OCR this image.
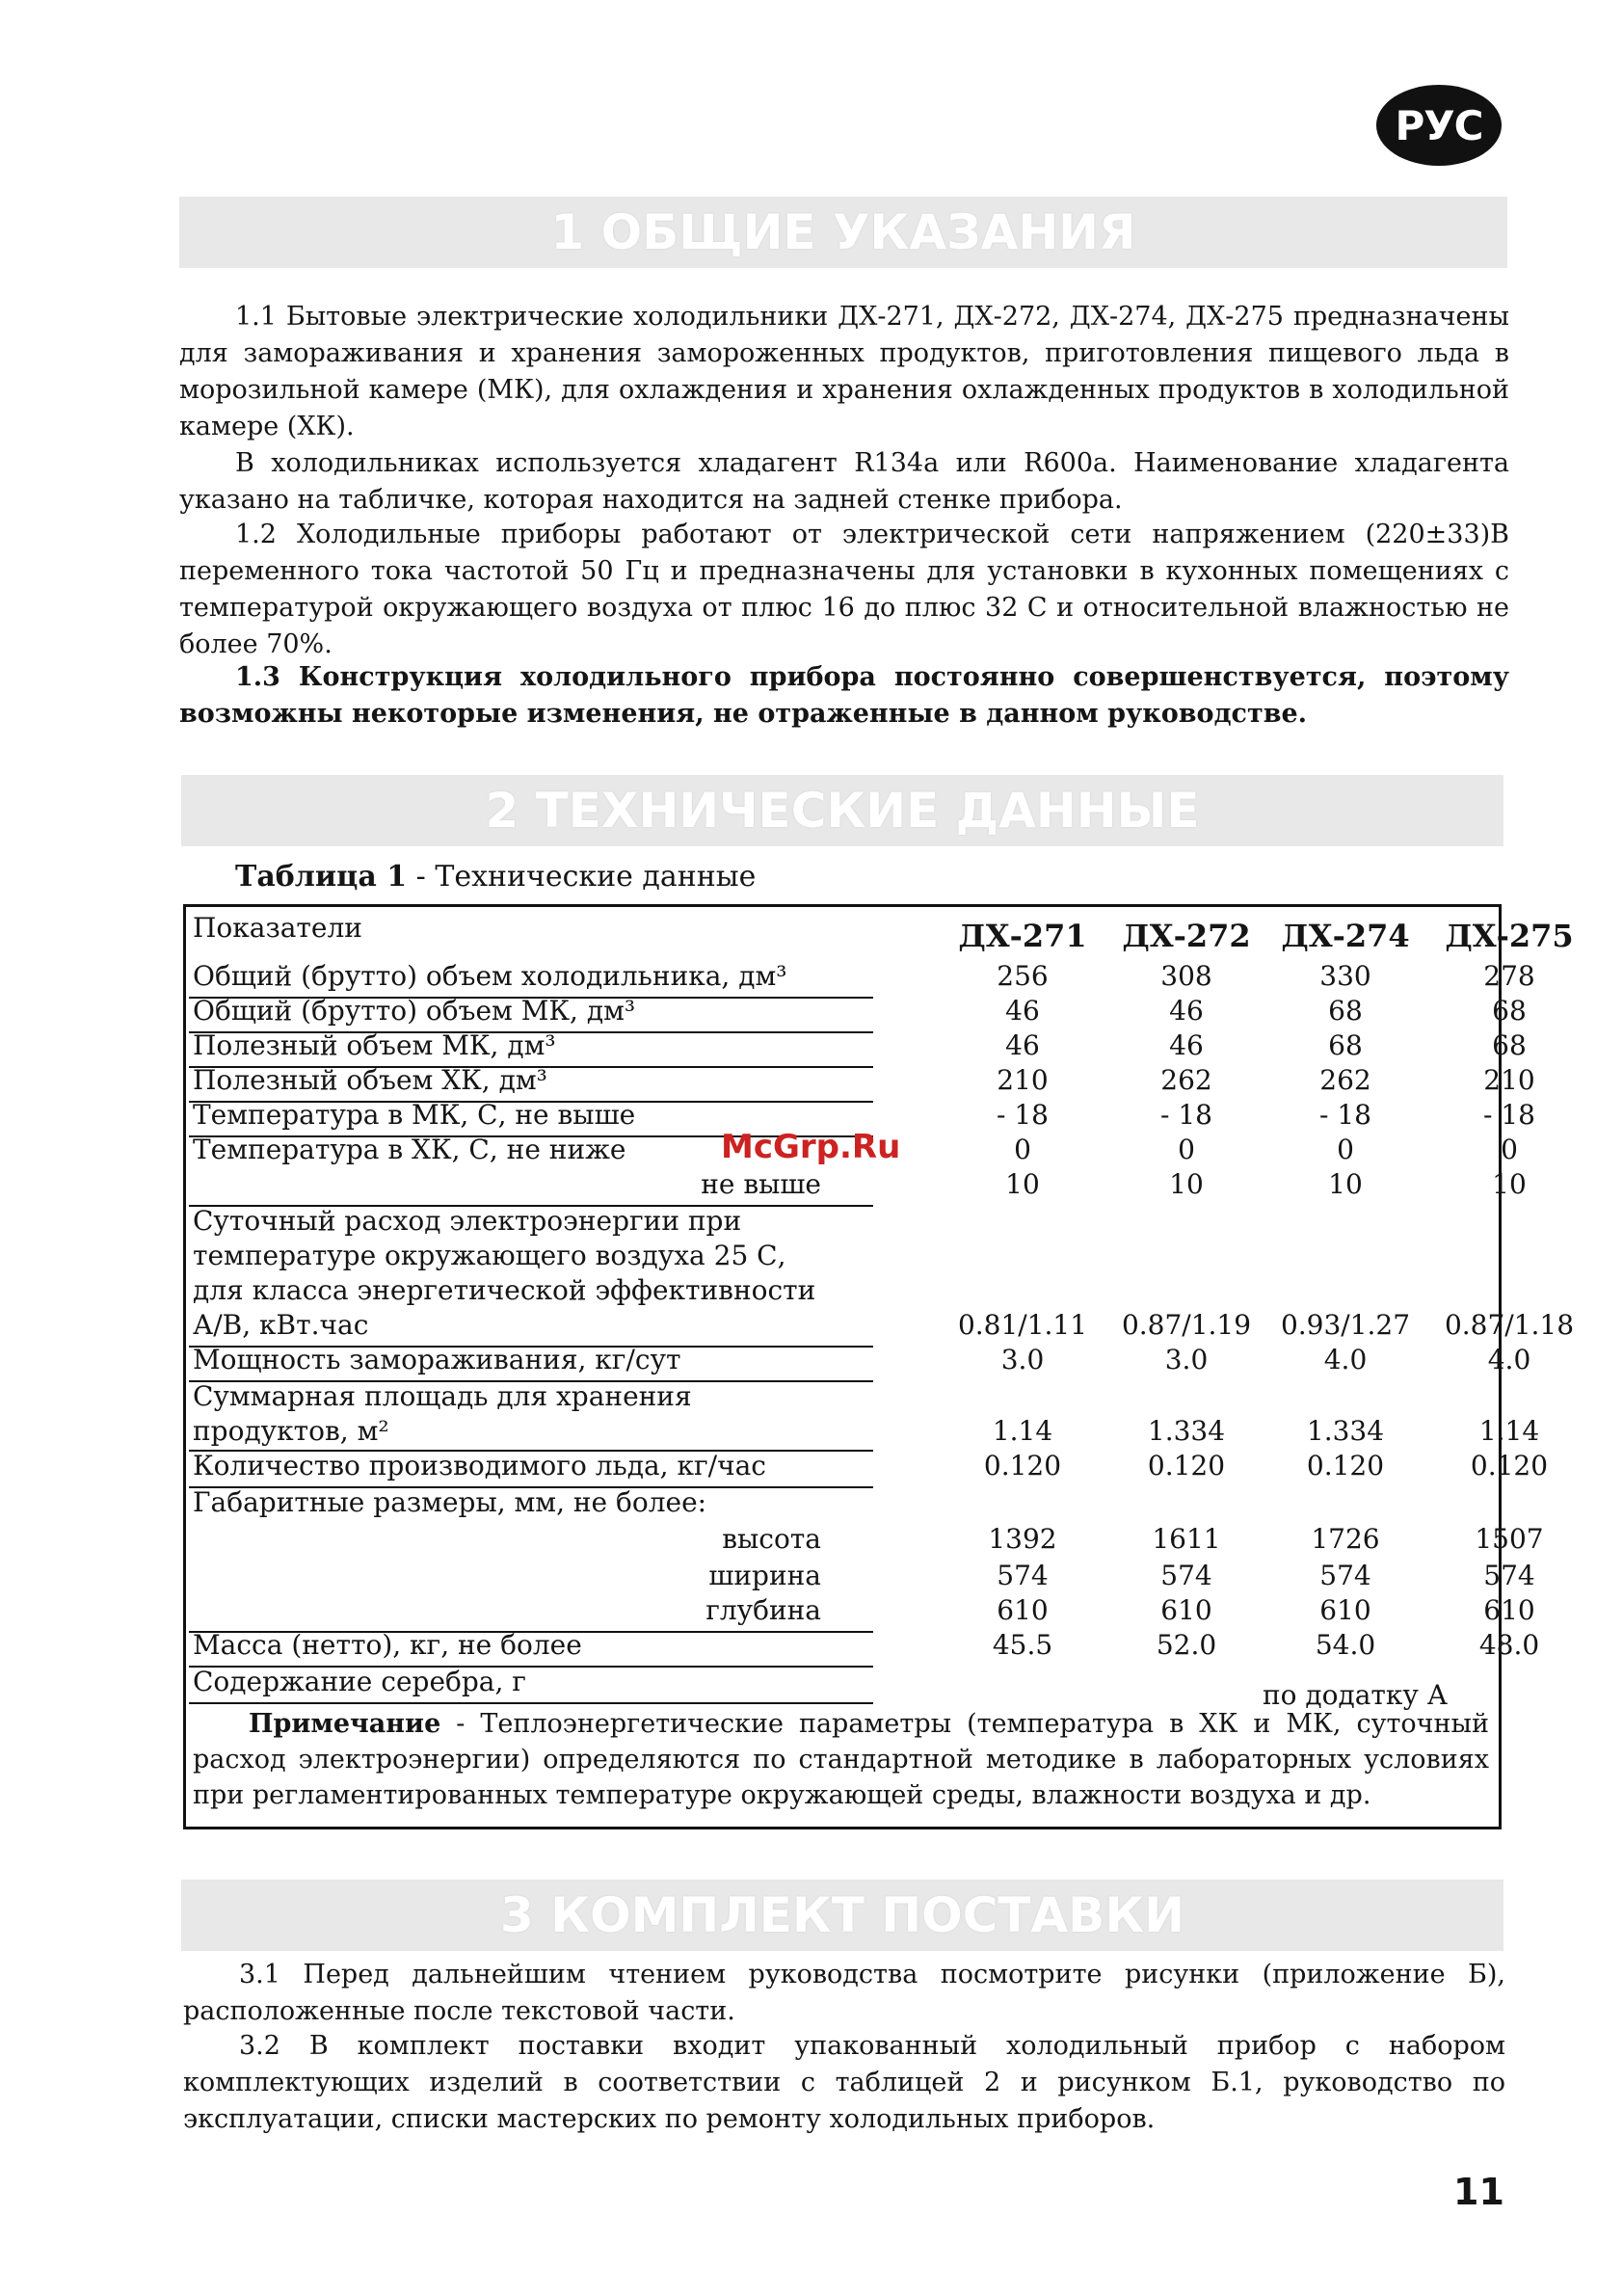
РУС
1 ОБЩИЕ УКАЗАНИЯ

1.1 Бытовые электрические холодильники ДХ-271, ДХ-272, ДХ-274, ДХ-275 предназначены для замораживания и хранения замороженных продуктов, приготовления пищевого льда в морозильной камере (МК), для охлаждения и хранения охлажденных продуктов в холодильной камере (ХК).

В холодильниках используется хладагент R134a или R600a. Наименование хладагента указано на табличке, которая находится на задней стенке прибора.

1.2 Холодильные приборы работают от электрической сети напряжением (220±33)В переменного тока частотой 50 Гц и предназначены для установки в кухонных помещениях с температурой окружающего воздуха от плюс 16 до плюс 32 С и относительной влажностью не более 70%.

1.3 Конструкция холодильного прибора постоянно совершенствуется, поэтому возможны некоторые изменения, не отраженные в данном руководстве.

2 ТЕХНИЧЕСКИЕ ДАННЫЕ
Таблица 1 - Технические данные
Показатели	ДХ-271	ДХ-272 ДХ-274	ДХ-275
Общий (брутто) объем холодильника, дм³	256	308	330	278
Общий (брутто) объем МК, дм³	46	46	68	68
Полезный объем МК, дм³	46	46	68	68
Полезный объем ХК, дм³	210	262	262	210
Температура в МК, С, не выше	- 18	- 18	- 18	- 18
Температура в ХК, С, не ниже	0	0	0	0
не выше	10	10	10	10
Суточный расход электроэнергии при
температуре окружающего воздуха 25 С,
для класса энергетической эффективности
А/В, кВт.час	0.81/1.11	0.87/1.19	0.93/1.27	0.87/1.18
Мощность замораживания, кг/сут	3.0	3.0	4.0	4.0
Суммарная площадь для хранения
продуктов, м²	1.14	1.334	1.334	1.14
Количество производимого льда, кг/час	0.120	0.120	0.120	0.120
Габаритные размеры, мм, не более:
высота	1392	1611	1726	1507
ширина	574	574	574	574
глубина	610	610	610	610
Масса (нетто), кг, не более	45.5	52.0	54.0	48.0
Содержание серебра, г	по додатку А

Примечание - Теплоэнергетические параметры (температура в ХК и МК, суточный расход электроэнергии) определяются по стандартной методике в лабораторных условиях при регламентированных температуре окружающей среды, влажности воздуха и др.

McGrp.Ru
3 КОМПЛЕКТ ПОСТАВКИ

3.1 Перед дальнейшим чтением руководства посмотрите рисунки (приложение Б), расположенные после текстовой части.

3.2 В комплект поставки входит упакованный холодильный прибор с набором комплектующих изделий в соответствии с таблицей 2 и рисунком Б.1, руководство по эксплуатации, списки мастерских по ремонту холодильных приборов.

11
